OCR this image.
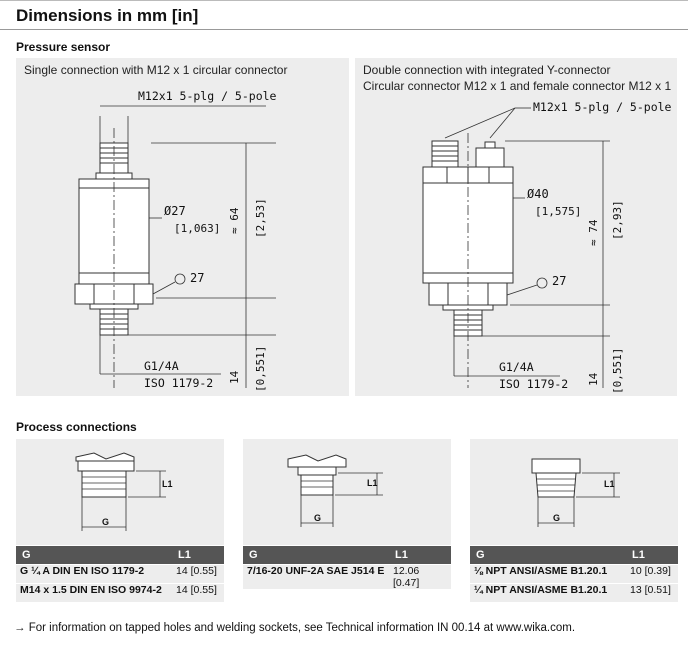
Dimensions in mm [in]
Pressure sensor
Single connection with M12 x 1 circular connector
M12x1 5-plg / 5-pole
Ø27
[1,063]
27
≈ 64 [2,53]
G1/4A
ISO 1179-2 14 [0,551]
Double connection with integrated Y-connector
Circular connector M12 x 1 and female connector M12 x 1
M12x1 5-plg / 5-pole
Ø40
[1,575]
27
≈ 74 [2,93]
G1/4A
ISO 1179-2 14 [0,551]
Process connections
G
L1
G
L1
G
L1
G	L1
G ¼ A DIN EN ISO 1179-2	14 [0.55]
M14 x 1.5 DIN EN ISO 9974-2	14 [0.55]
G	L1
7/16-20 UNF-2A SAE J514 E	12.06
[0.47]
G	L1
⅛ NPT ANSI/ASME B1.20.1	10 [0.39]
¼ NPT ANSI/ASME B1.20.1	13 [0.51]
→ For information on tapped holes and welding sockets, see Technical information IN 00.14 at www.wika.com.
